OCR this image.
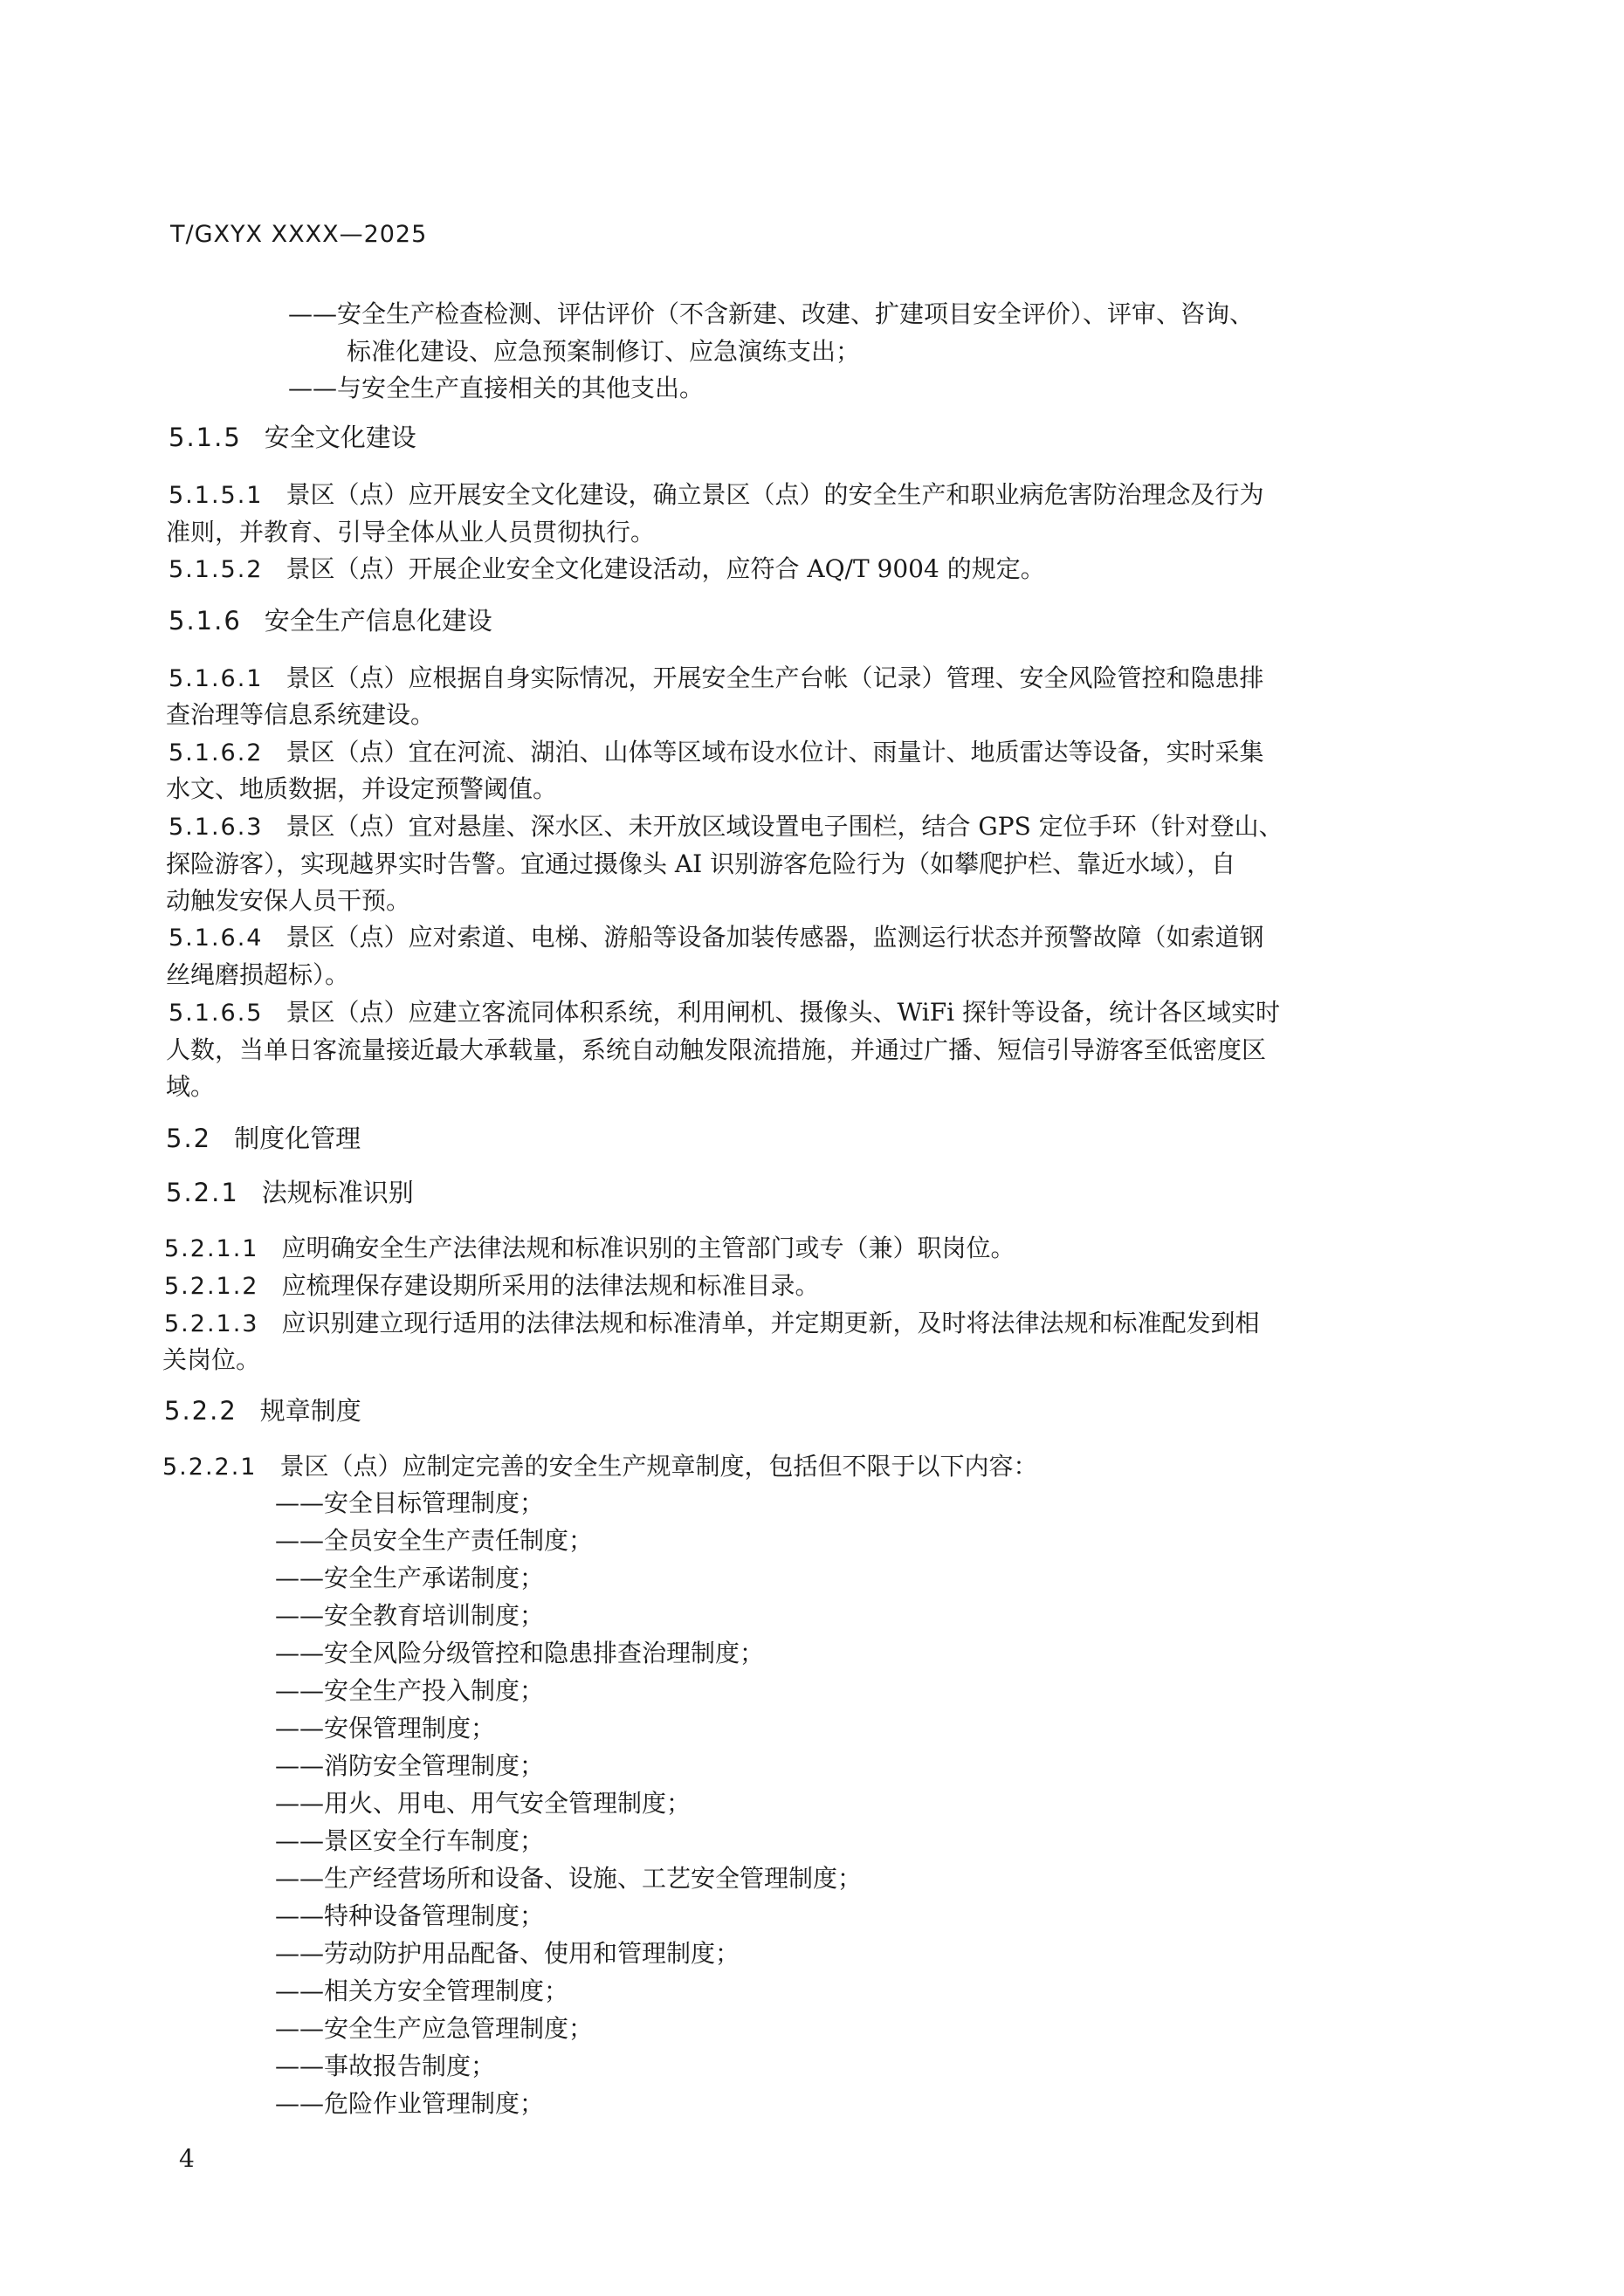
T/GXYX XXXX—2025
——安全生产检查检测、评估评价（不含新建、改建、扩建项目安全评价）、评审、咨询、
标准化建设、应急预案制修订、应急演练支出；
——与安全生产直接相关的其他支出。
5.1.5 安全文化建设
5.1.5.1 景区（点）应开展安全文化建设，确立景区（点）的安全生产和职业病危害防治理念及行为
准则，并教育、引导全体从业人员贯彻执行。
5.1.5.2 景区（点）开展企业安全文化建设活动，应符合 AQ/T 9004 的规定。
5.1.6 安全生产信息化建设
5.1.6.1 景区（点）应根据自身实际情况，开展安全生产台帐（记录）管理、安全风险管控和隐患排
查治理等信息系统建设。
5.1.6.2 景区（点）宜在河流、湖泊、山体等区域布设水位计、雨量计、地质雷达等设备，实时采集
水文、地质数据，并设定预警阈值。
5.1.6.3 景区（点）宜对悬崖、深水区、未开放区域设置电子围栏，结合 GPS 定位手环（针对登山、
探险游客），实现越界实时告警。宜通过摄像头 AI 识别游客危险行为（如攀爬护栏、靠近水域），自
动触发安保人员干预。
5.1.6.4 景区（点）应对索道、电梯、游船等设备加装传感器，监测运行状态并预警故障（如索道钢
丝绳磨损超标）。
5.1.6.5 景区（点）应建立客流同体积系统，利用闸机、摄像头、WiFi 探针等设备，统计各区域实时
人数，当单日客流量接近最大承载量，系统自动触发限流措施，并通过广播、短信引导游客至低密度区
域。
5.2 制度化管理
5.2.1 法规标准识别
5.2.1.1 应明确安全生产法律法规和标准识别的主管部门或专（兼）职岗位。
5.2.1.2 应梳理保存建设期所采用的法律法规和标准目录。
5.2.1.3 应识别建立现行适用的法律法规和标准清单，并定期更新，及时将法律法规和标准配发到相
关岗位。
5.2.2 规章制度
5.2.2.1 景区（点）应制定完善的安全生产规章制度，包括但不限于以下内容：
——安全目标管理制度；
——全员安全生产责任制度；
——安全生产承诺制度；
——安全教育培训制度；
——安全风险分级管控和隐患排查治理制度；
——安全生产投入制度；
——安保管理制度；
——消防安全管理制度；
——用火、用电、用气安全管理制度；
——景区安全行车制度；
——生产经营场所和设备、设施、工艺安全管理制度；
——特种设备管理制度；
——劳动防护用品配备、使用和管理制度；
——相关方安全管理制度；
——安全生产应急管理制度；
——事故报告制度；
——危险作业管理制度；
4
